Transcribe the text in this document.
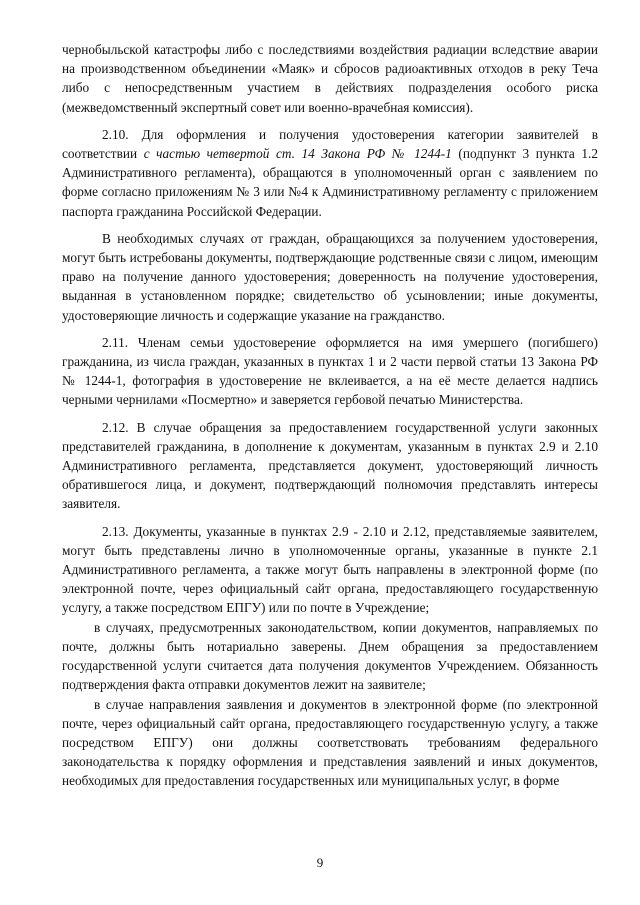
чернобыльской катастрофы либо с последствиями воздействия радиации вследствие аварии на производственном объединении «Маяк» и сбросов радиоактивных отходов в реку Теча либо с непосредственным участием в действиях подразделения особого риска (межведомственный экспертный совет или военно-врачебная комиссия).

2.10. Для оформления и получения удостоверения категории заявителей в соответствии с частью четвертой ст. 14 Закона РФ № 1244-1 (подпункт 3 пункта 1.2 Административного регламента), обращаются в уполномоченный орган с заявлением по форме согласно приложениям № 3 или №4 к Административному регламенту с приложением паспорта гражданина Российской Федерации.

В необходимых случаях от граждан, обращающихся за получением удостоверения, могут быть истребованы документы, подтверждающие родственные связи с лицом, имеющим право на получение данного удостоверения; доверенность на получение удостоверения, выданная в установленном порядке; свидетельство об усыновлении; иные документы, удостоверяющие личность и содержащие указание на гражданство.

2.11. Членам семьи удостоверение оформляется на имя умершего (погибшего) гражданина, из числа граждан, указанных в пунктах 1 и 2 части первой статьи 13 Закона РФ № 1244-1, фотография в удостоверение не вклеивается, а на её месте делается надпись черными чернилами «Посмертно» и заверяется гербовой печатью Министерства.

2.12. В случае обращения за предоставлением государственной услуги законных представителей гражданина, в дополнение к документам, указанным в пунктах 2.9 и 2.10 Административного регламента, представляется документ, удостоверяющий личность обратившегося лица, и документ, подтверждающий полномочия представлять интересы заявителя.

2.13. Документы, указанные в пунктах 2.9 - 2.10 и 2.12, представляемые заявителем, могут быть представлены лично в уполномоченные органы, указанные в пункте 2.1 Административного регламента, а также могут быть направлены в электронной форме (по электронной почте, через официальный сайт органа, предоставляющего государственную услугу, а также посредством ЕПГУ) или по почте в Учреждение;

в случаях, предусмотренных законодательством, копии документов, направляемых по почте, должны быть нотариально заверены. Днем обращения за предоставлением государственной услуги считается дата получения документов Учреждением. Обязанность подтверждения факта отправки документов лежит на заявителе;

в случае направления заявления и документов в электронной форме (по электронной почте, через официальный сайт органа, предоставляющего государственную услугу, а также посредством ЕПГУ) они должны соответствовать требованиям федерального законодательства к порядку оформления и представления заявлений и иных документов, необходимых для предоставления государственных или муниципальных услуг, в форме

9
